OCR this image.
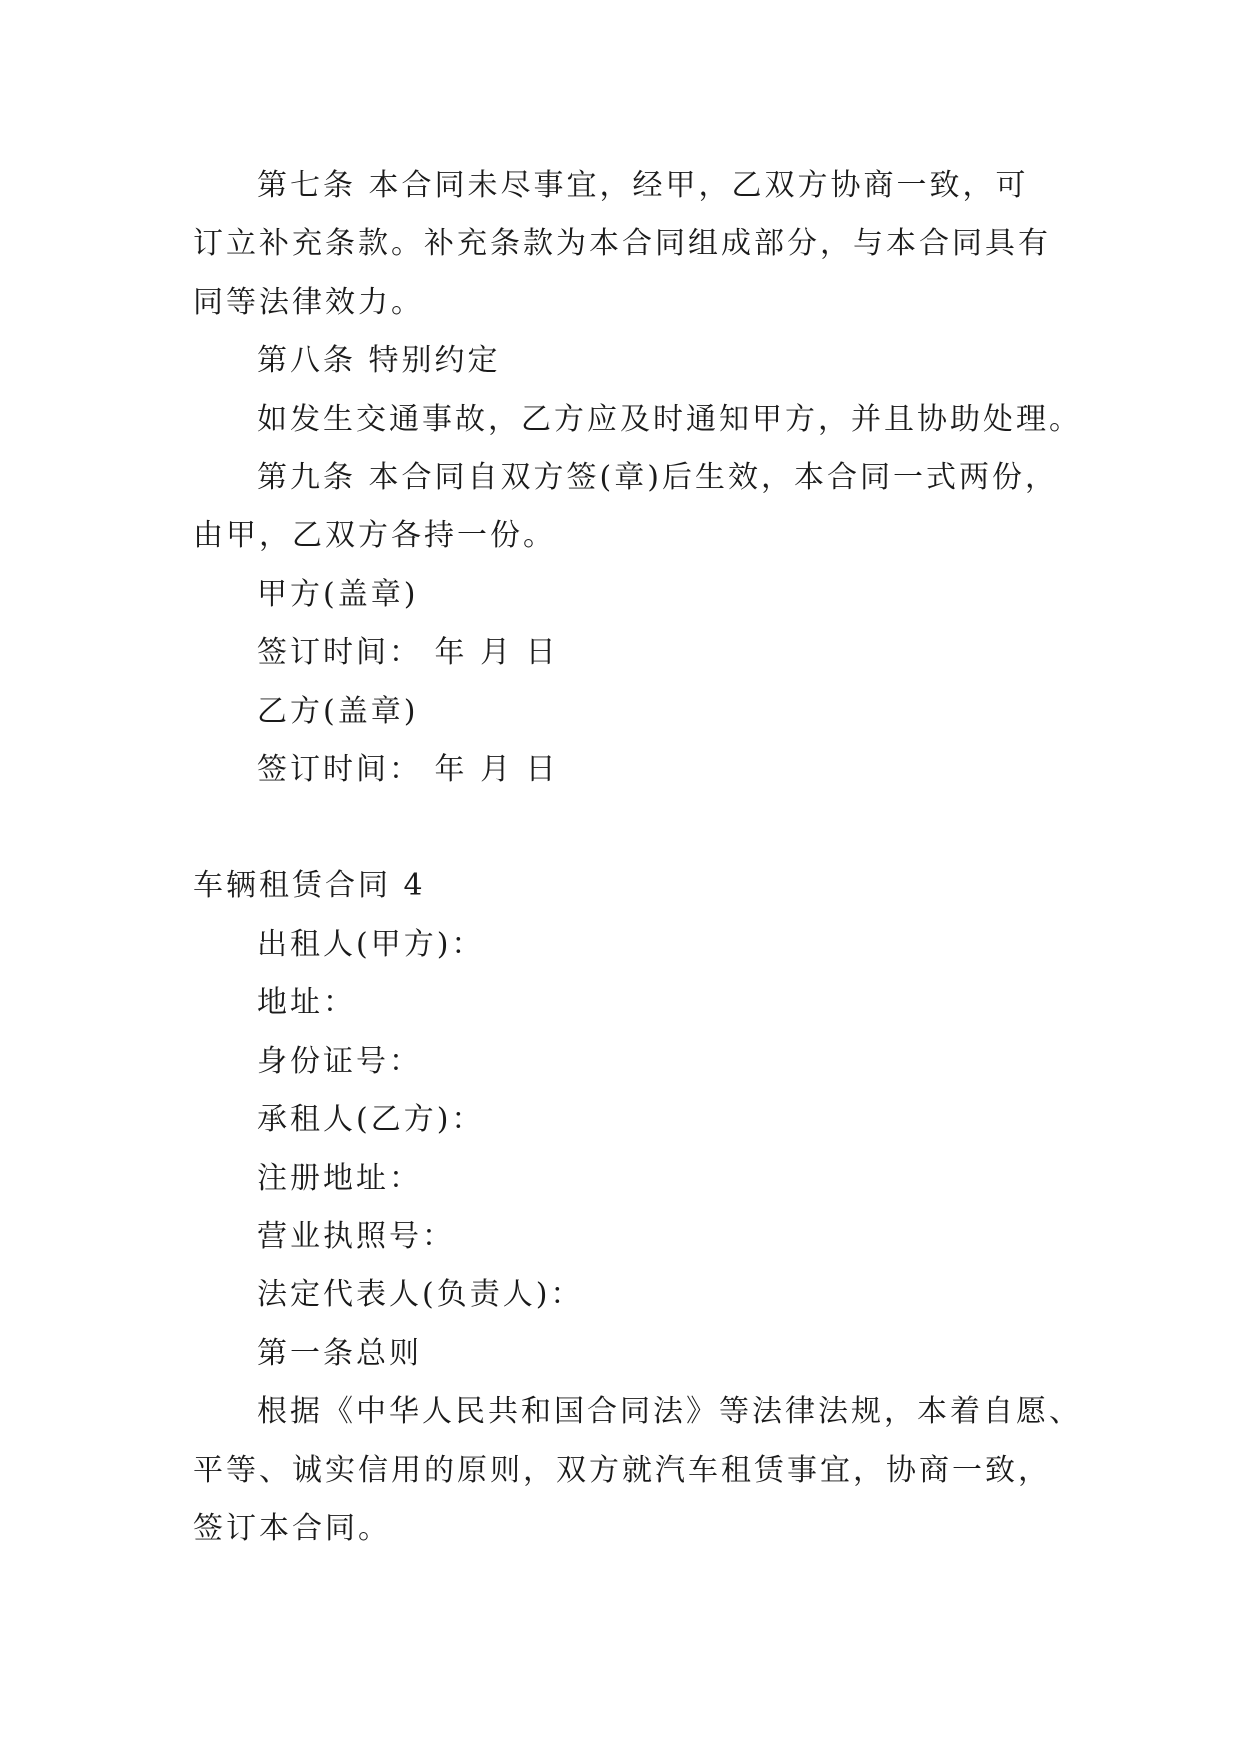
第七条 本合同未尽事宜，经甲，乙双方协商一致，可

订立补充条款。补充条款为本合同组成部分，与本合同具有

同等法律效力。

第八条 特别约定

如发生交通事故，乙方应及时通知甲方，并且协助处理。

第九条 本合同自双方签(章)后生效，本合同一式两份，

由甲，乙双方各持一份。

甲方(盖章)

签订时间： 年 月 日

乙方(盖章)

签订时间： 年 月 日

车辆租赁合同 4

出租人(甲方)：

地址：

身份证号：

承租人(乙方)：

注册地址：

营业执照号：

法定代表人(负责人)：

第一条总则

根据《中华人民共和国合同法》等法律法规，本着自愿、

平等、诚实信用的原则，双方就汽车租赁事宜，协商一致，

签订本合同。
